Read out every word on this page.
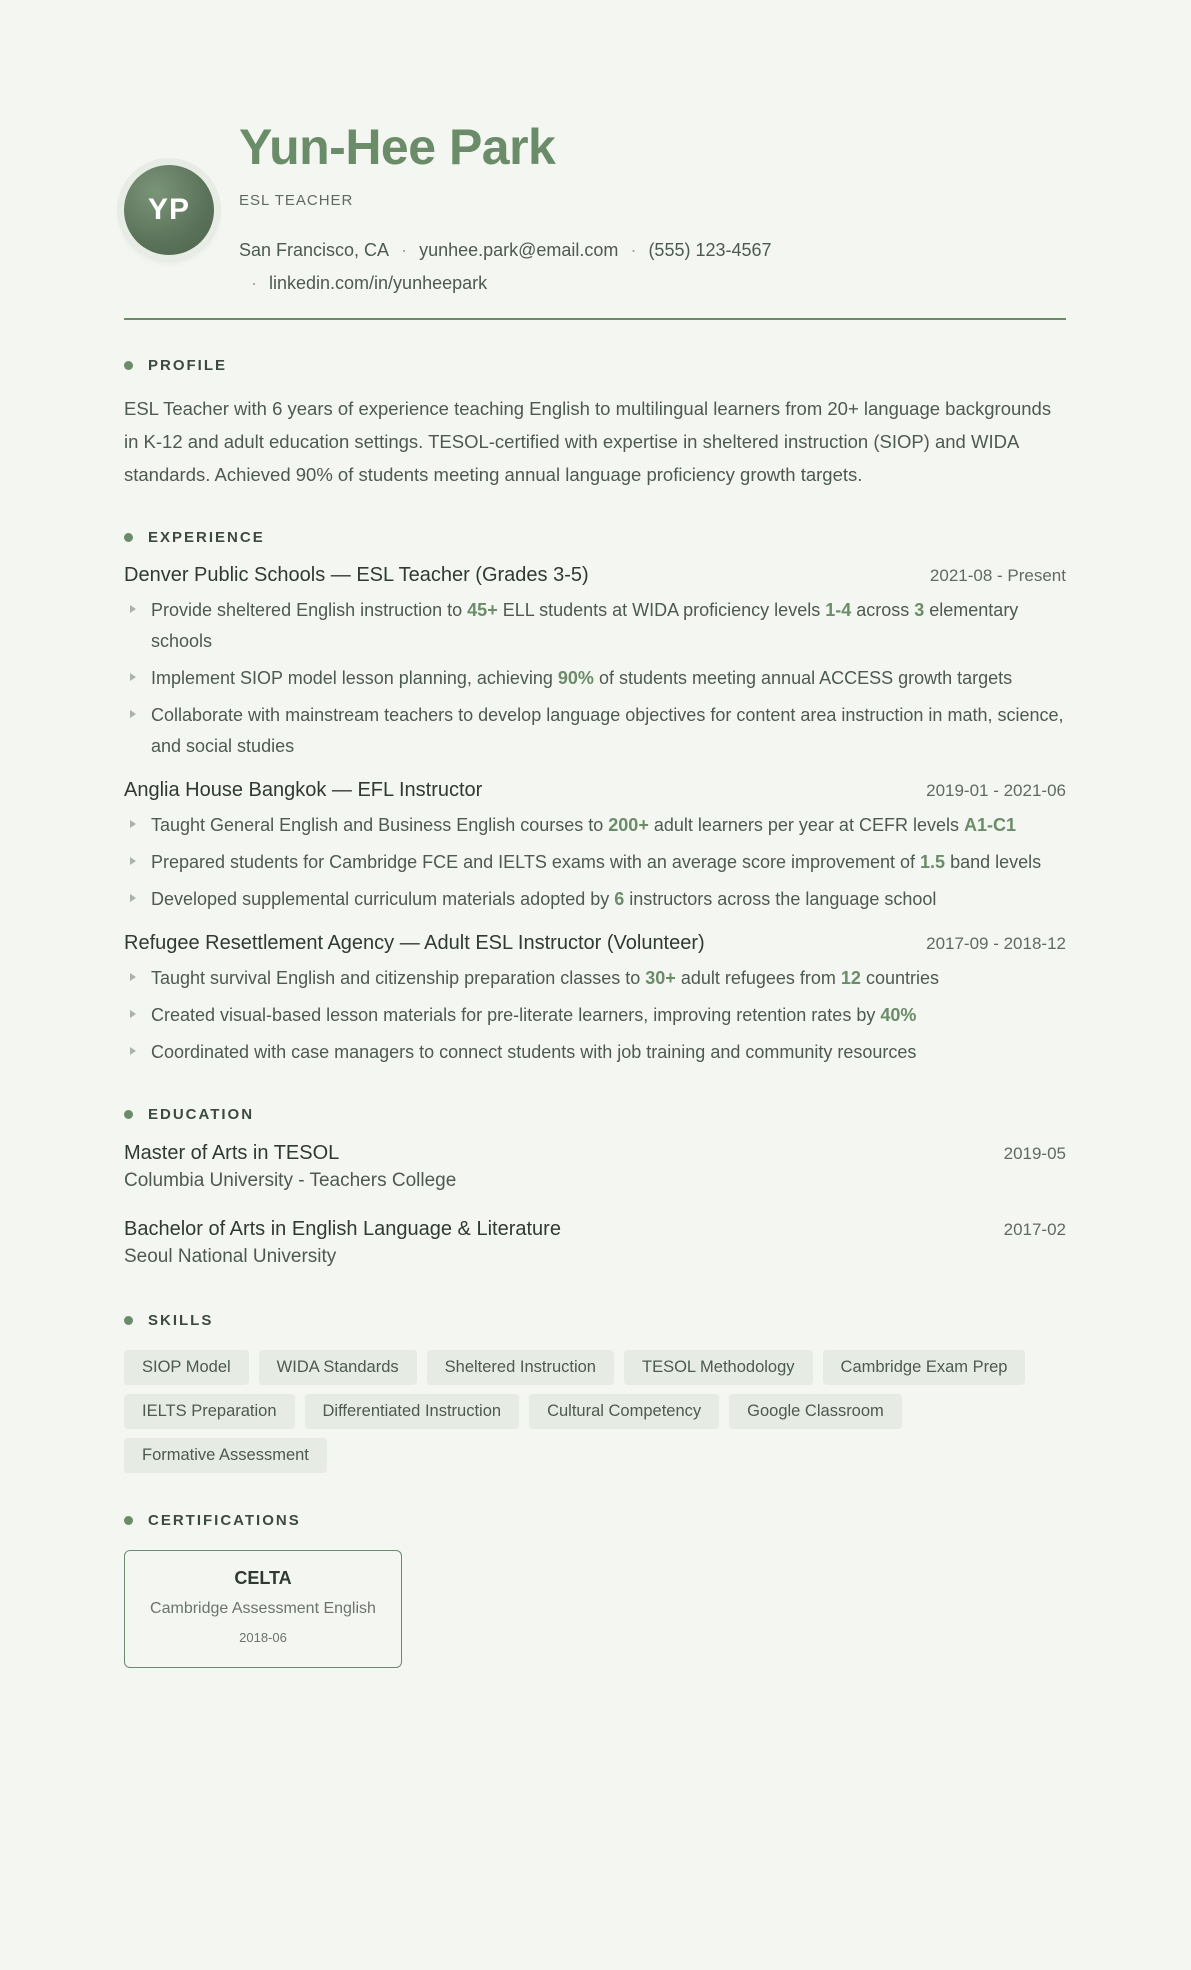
YP
Yun-Hee Park
ESL TEACHER
San Francisco, CA · yunhee.park@email.com · (555) 123-4567
· linkedin.com/in/yunheepark
PROFILE
ESL Teacher with 6 years of experience teaching English to multilingual learners from 20+ language backgrounds in K-12 and adult education settings. TESOL-certified with expertise in sheltered instruction (SIOP) and WIDA standards. Achieved 90% of students meeting annual language proficiency growth targets.
EXPERIENCE
Denver Public Schools — ESL Teacher (Grades 3-5)	2021-08 - Present
Provide sheltered English instruction to 45+ ELL students at WIDA proficiency levels 1-4 across 3 elementary schools
Implement SIOP model lesson planning, achieving 90% of students meeting annual ACCESS growth targets
Collaborate with mainstream teachers to develop language objectives for content area instruction in math, science, and social studies
Anglia House Bangkok — EFL Instructor	2019-01 - 2021-06
Taught General English and Business English courses to 200+ adult learners per year at CEFR levels A1-C1
Prepared students for Cambridge FCE and IELTS exams with an average score improvement of 1.5 band levels
Developed supplemental curriculum materials adopted by 6 instructors across the language school
Refugee Resettlement Agency — Adult ESL Instructor (Volunteer)	2017-09 - 2018-12
Taught survival English and citizenship preparation classes to 30+ adult refugees from 12 countries
Created visual-based lesson materials for pre-literate learners, improving retention rates by 40%
Coordinated with case managers to connect students with job training and community resources
EDUCATION
Master of Arts in TESOL	2019-05
Columbia University - Teachers College
Bachelor of Arts in English Language & Literature	2017-02
Seoul National University
SKILLS
SIOP Model	WIDA Standards	Sheltered Instruction	TESOL Methodology	Cambridge Exam Prep
IELTS Preparation	Differentiated Instruction	Cultural Competency	Google Classroom
Formative Assessment
CERTIFICATIONS
CELTA
Cambridge Assessment English
2018-06
